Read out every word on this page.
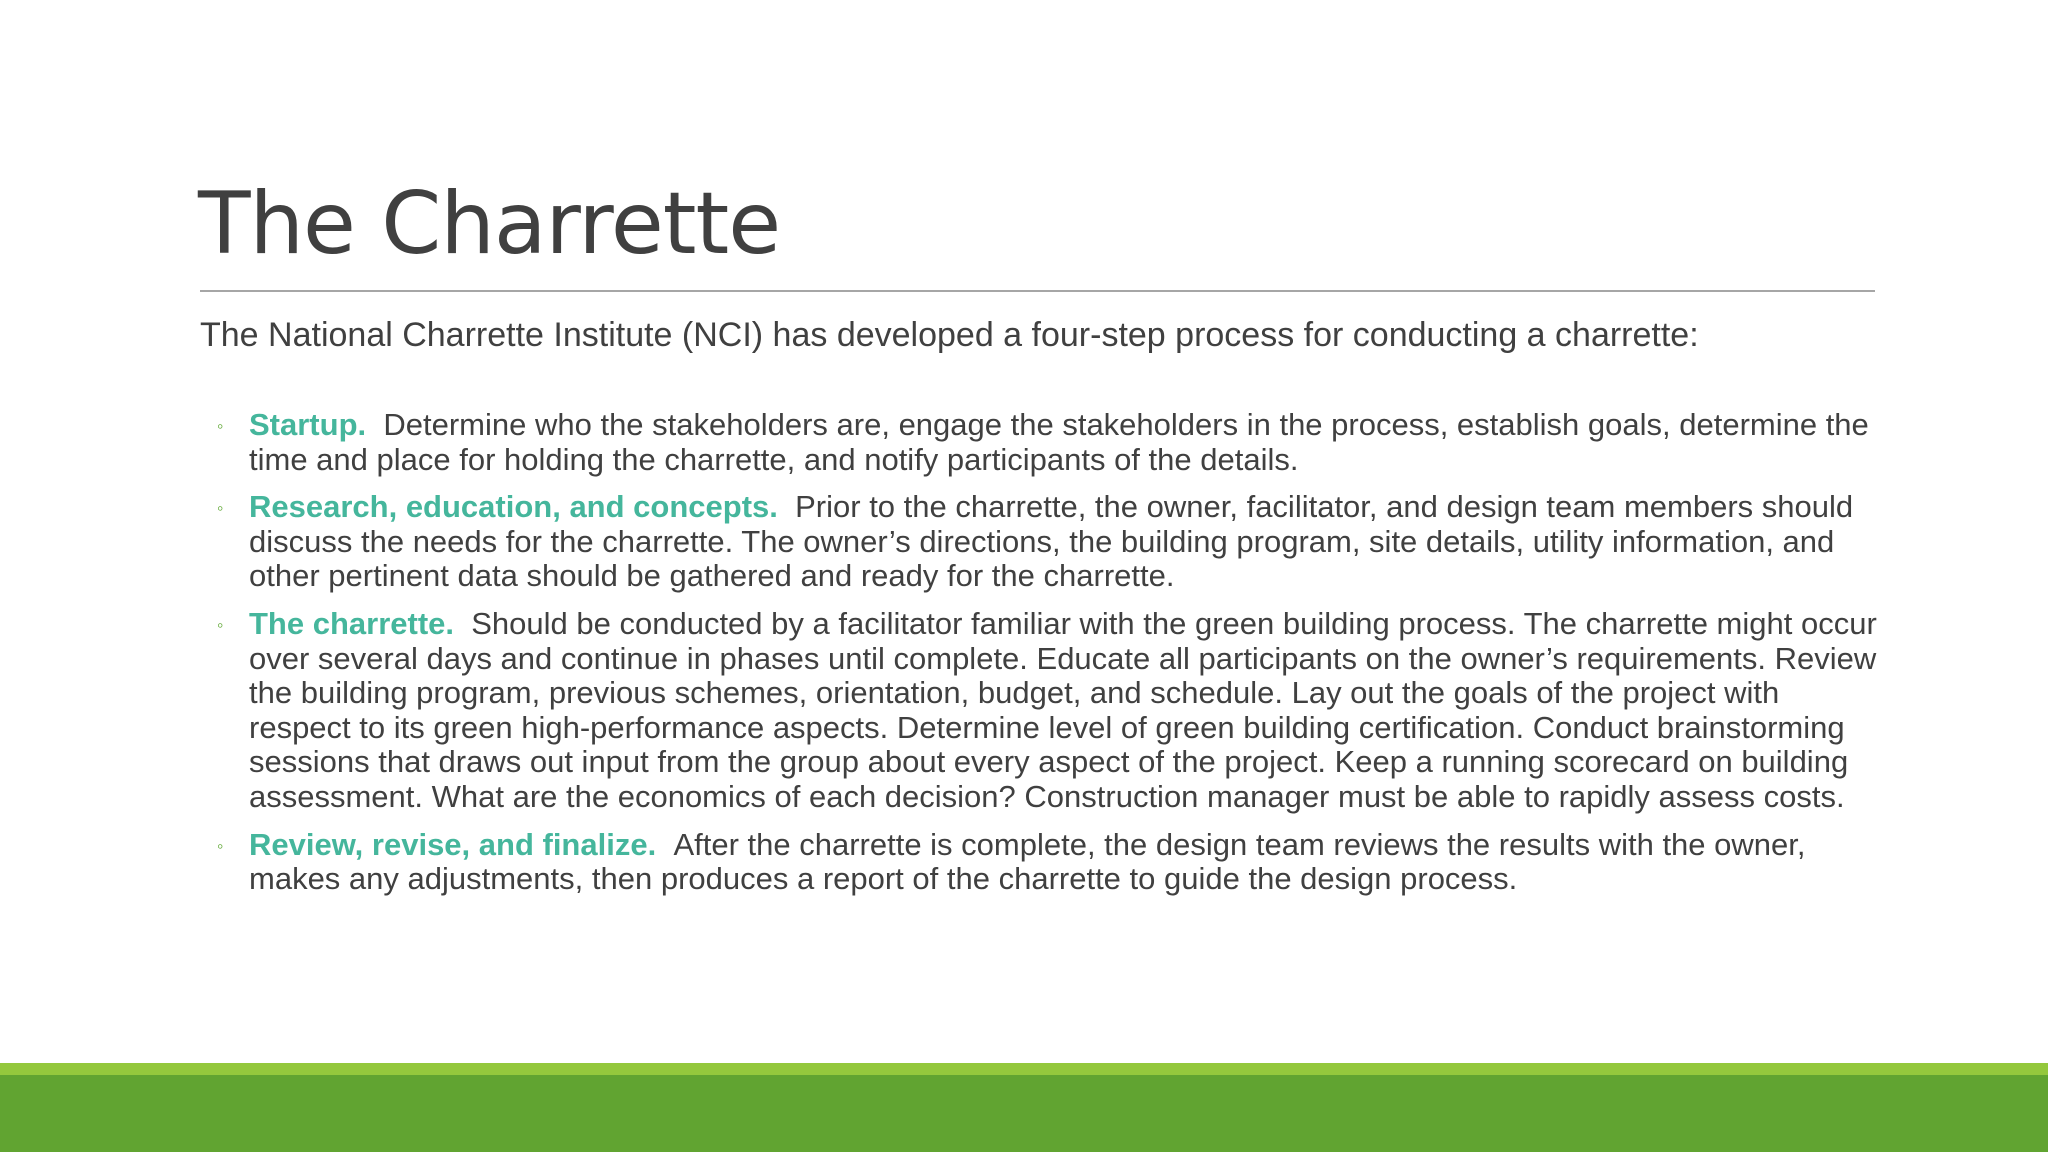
The Charrette

The National Charrette Institute (NCI) has developed a four-step process for conducting a charrette:

◦ Startup. Determine who the stakeholders are, engage the stakeholders in the process, establish goals, determine the time and place for holding the charrette, and notify participants of the details.
◦ Research, education, and concepts. Prior to the charrette, the owner, facilitator, and design team members should discuss the needs for the charrette. The owner’s directions, the building program, site details, utility information, and other pertinent data should be gathered and ready for the charrette.
◦ The charrette. Should be conducted by a facilitator familiar with the green building process. The charrette might occur over several days and continue in phases until complete. Educate all participants on the owner’s requirements. Review the building program, previous schemes, orientation, budget, and schedule. Lay out the goals of the project with respect to its green high-performance aspects. Determine level of green building certification. Conduct brainstorming sessions that draws out input from the group about every aspect of the project. Keep a running scorecard on building assessment. What are the economics of each decision? Construction manager must be able to rapidly assess costs.
◦ Review, revise, and finalize. After the charrette is complete, the design team reviews the results with the owner, makes any adjustments, then produces a report of the charrette to guide the design process.
